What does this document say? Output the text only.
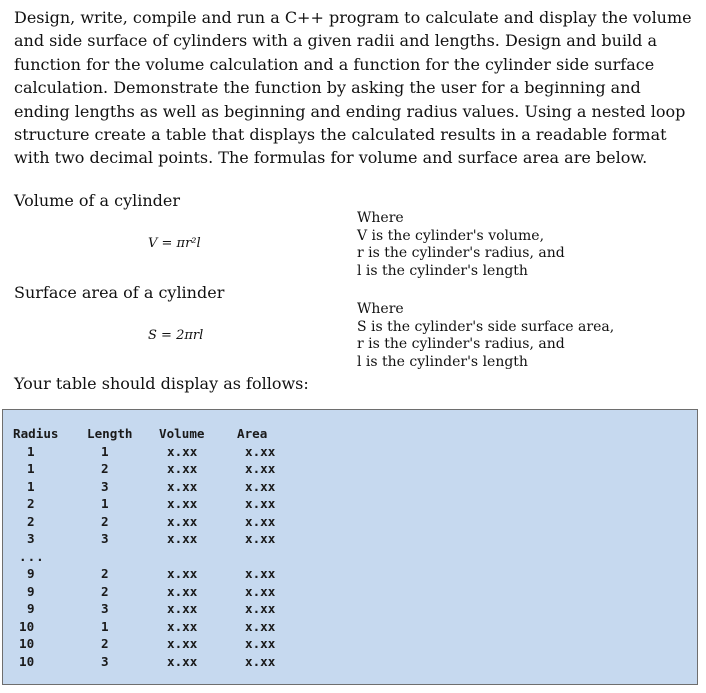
Design, write, compile and run a C++ program to calculate and display the volume and side surface of cylinders with a given radii and lengths. Design and build a function for the volume calculation and a function for the cylinder side surface calculation. Demonstrate the function by asking the user for a beginning and ending lengths as well as beginning and ending radius values. Using a nested loop structure create a table that displays the calculated results in a readable format with two decimal points. The formulas for volume and surface area are below.

Volume of a cylinder
V = πr²l
Where
V is the cylinder's volume,
r is the cylinder's radius, and
l is the cylinder's length
Surface area of a cylinder
S = 2πrl
Where
S is the cylinder's side surface area,
r is the cylinder's radius, and
l is the cylinder's length
Your table should display as follows:
Radius	Length	Volume	Area
1	1	x.xx	x.xx
1	2	x.xx	x.xx
1	3	x.xx	x.xx
2	1	x.xx	x.xx
2	2	x.xx	x.xx
3	3	x.xx	x.xx
...
9	2	x.xx	x.xx
9	2	x.xx	x.xx
9	3	x.xx	x.xx
10	1	x.xx	x.xx
10	2	x.xx	x.xx
10	3	x.xx	x.xx
